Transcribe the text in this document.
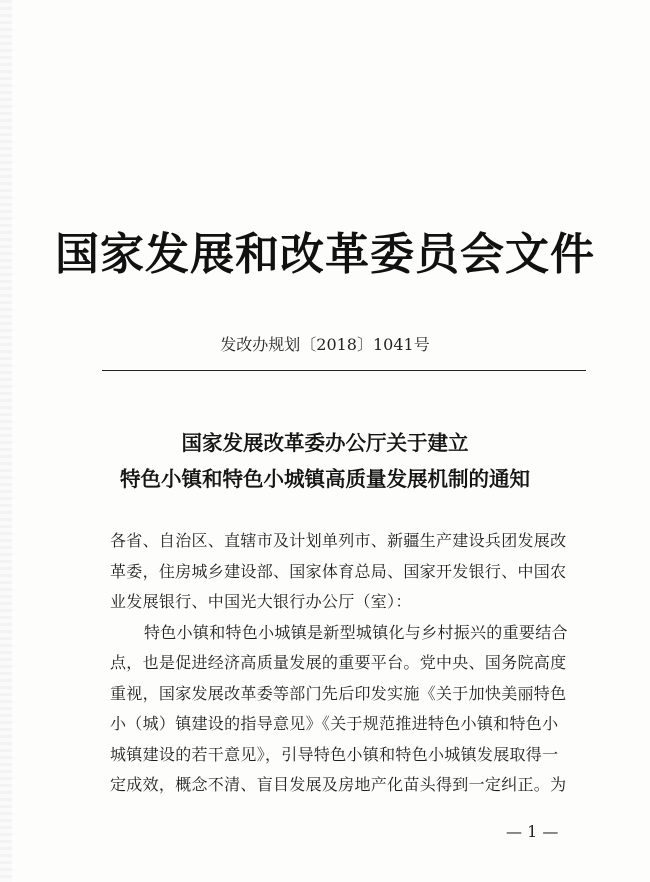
国家发展和改革委员会文件
发改办规划〔2018〕1041号
国家发展改革委办公厅关于建立
特色小镇和特色小城镇高质量发展机制的通知

各省、自治区、直辖市及计划单列市、新疆生产建设兵团发展改
革委，住房城乡建设部、国家体育总局、国家开发银行、中国农
业发展银行、中国光大银行办公厅（室）：

特色小镇和特色小城镇是新型城镇化与乡村振兴的重要结合
点，也是促进经济高质量发展的重要平台。党中央、国务院高度
重视，国家发展改革委等部门先后印发实施《关于加快美丽特色
小（城）镇建设的指导意见》《关于规范推进特色小镇和特色小
城镇建设的若干意见》，引导特色小镇和特色小城镇发展取得一
定成效，概念不清、盲目发展及房地产化苗头得到一定纠正。为

— 1 —
